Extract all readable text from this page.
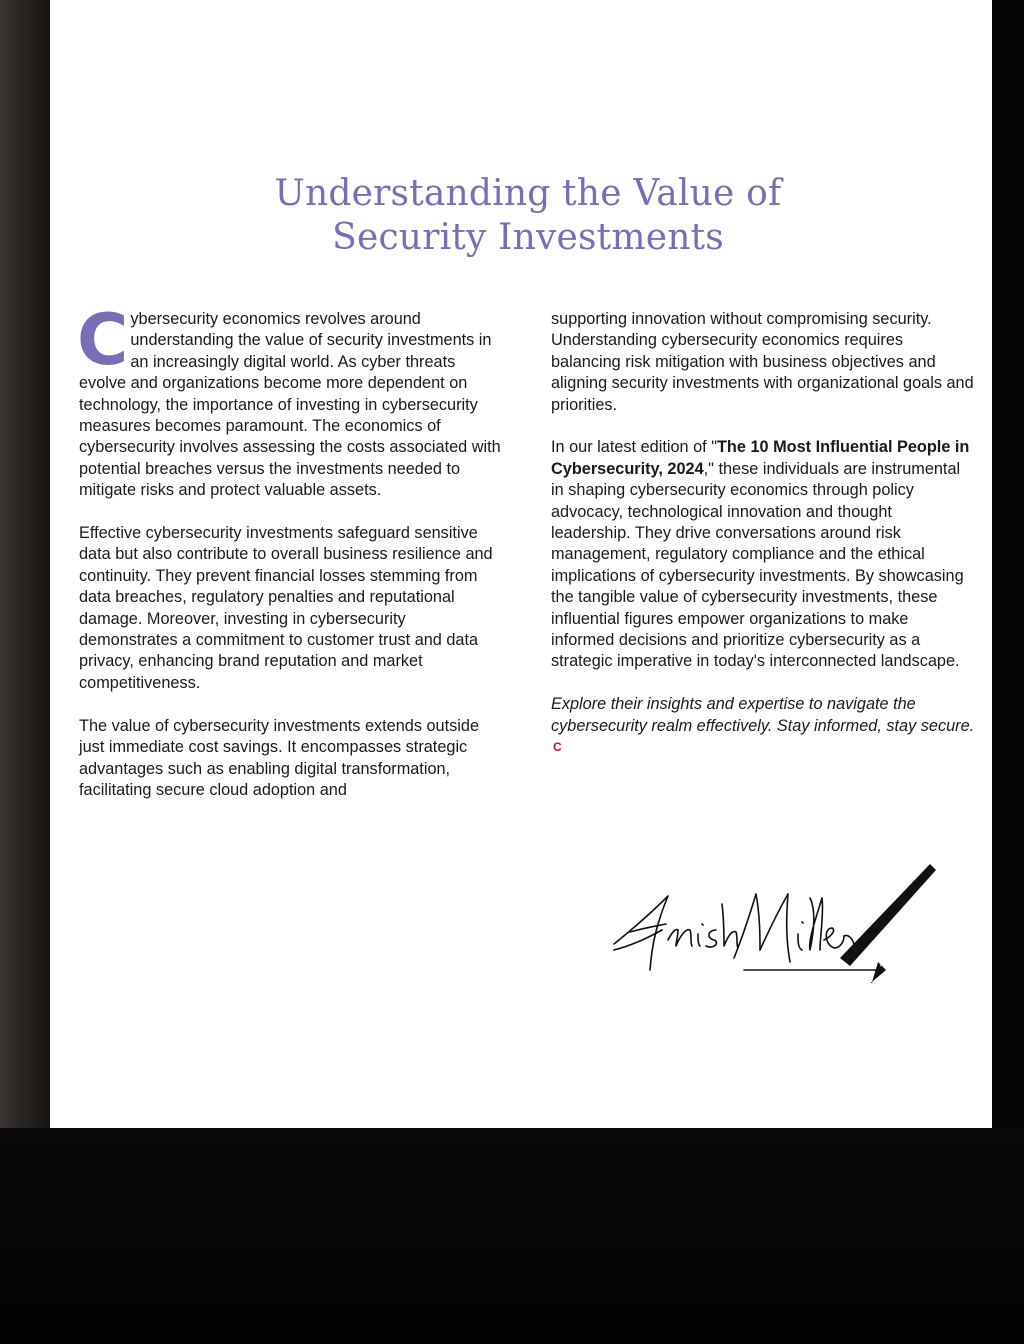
Understanding the Value of
Security Investments

Cybersecurity economics revolves around understanding the value of security investments in an increasingly digital world. As cyber threats evolve and organizations become more dependent on technology, the importance of investing in cybersecurity measures becomes paramount. The economics of cybersecurity involves assessing the costs associated with potential breaches versus the investments needed to mitigate risks and protect valuable assets.

Effective cybersecurity investments safeguard sensitive data but also contribute to overall business resilience and continuity. They prevent financial losses stemming from data breaches, regulatory penalties and reputational damage. Moreover, investing in cybersecurity demonstrates a commitment to customer trust and data privacy, enhancing brand reputation and market competitiveness.

The value of cybersecurity investments extends outside just immediate cost savings. It encompasses strategic advantages such as enabling digital transformation, facilitating secure cloud adoption and

supporting innovation without compromising security. Understanding cybersecurity economics requires balancing risk mitigation with business objectives and aligning security investments with organizational goals and priorities.

In our latest edition of "The 10 Most Influential People in Cybersecurity, 2024," these individuals are instrumental in shaping cybersecurity economics through policy advocacy, technological innovation and thought leadership. They drive conversations around risk management, regulatory compliance and the ethical implications of cybersecurity investments. By showcasing the tangible value of cybersecurity investments, these influential figures empower organizations to make informed decisions and prioritize cybersecurity as a strategic imperative in today's interconnected landscape.

Explore their insights and expertise to navigate the cybersecurity realm effectively. Stay informed, stay secure. C
